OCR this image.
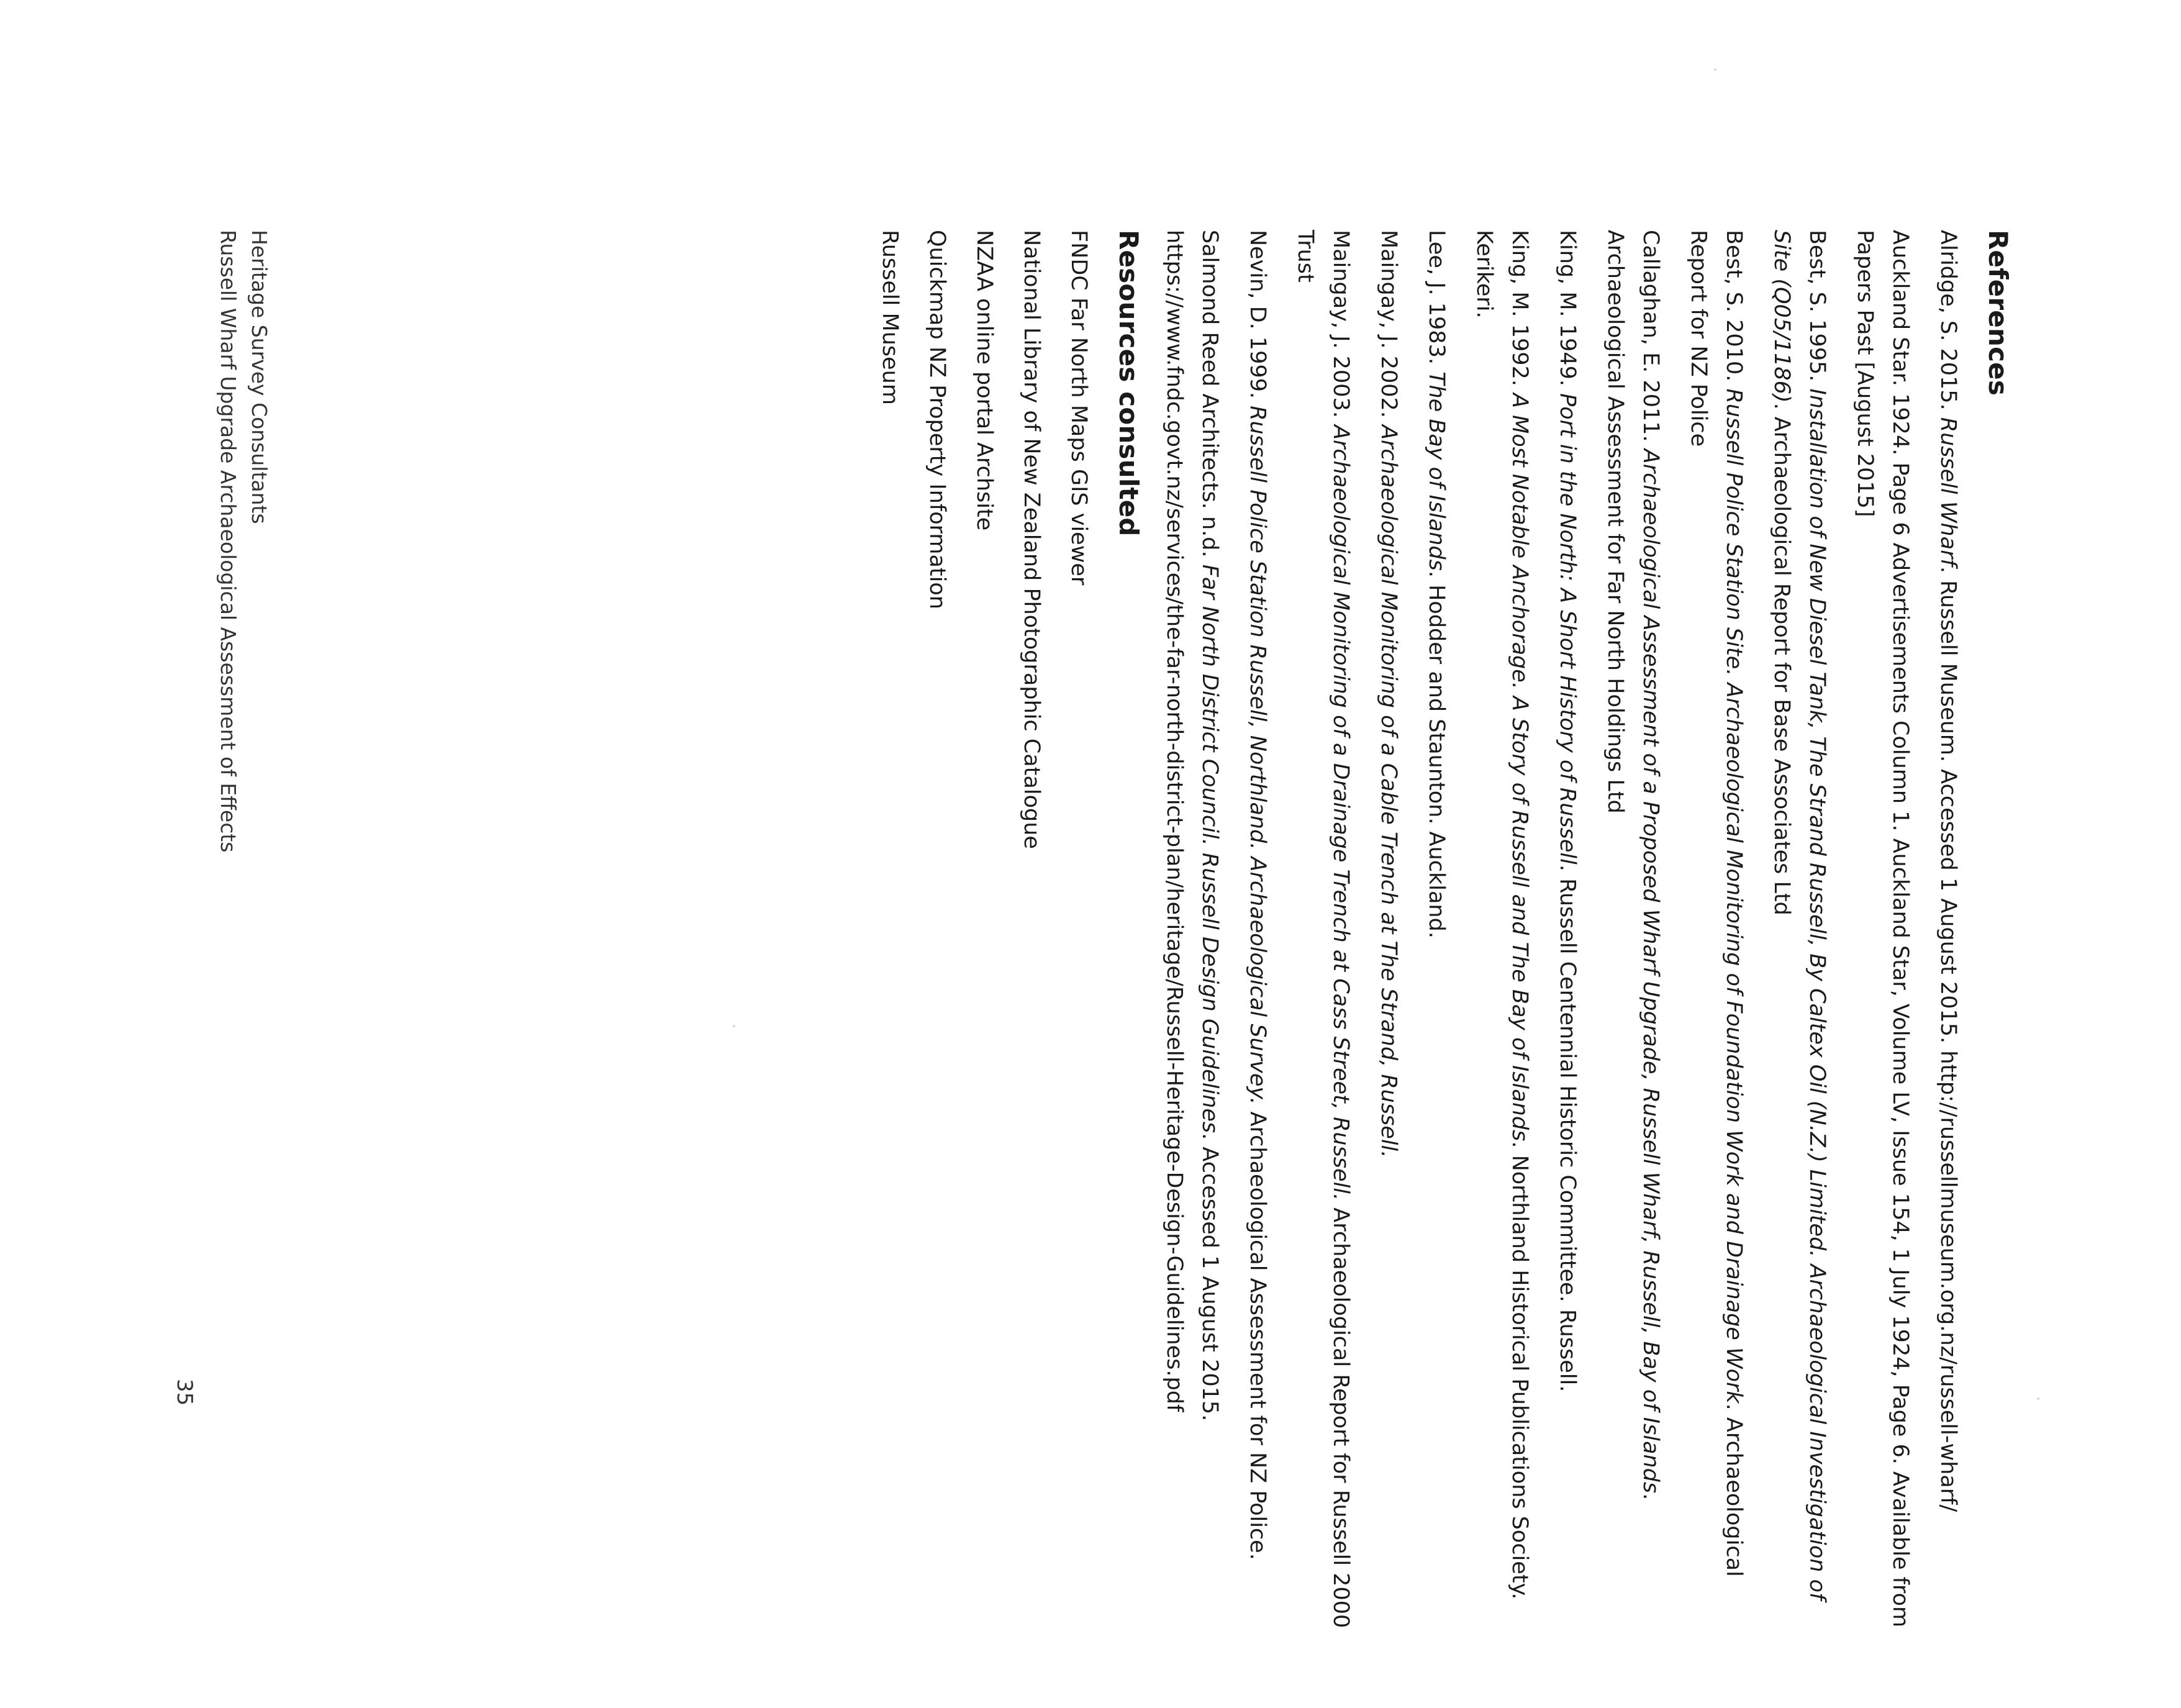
References

Alridge, S. 2015. Russell Wharf. Russell Museum. Accessed 1 August 2015. http://russellmuseum.org.nz/russell-wharf/

Auckland Star. 1924. Page 6 Advertisements Column 1. Auckland Star, Volume LV, Issue 154, 1 July 1924, Page 6. Available from Papers Past [August 2015]

Best, S. 1995. Installation of New Diesel Tank, The Strand Russell, By Caltex Oil (N.Z.) Limited. Archaeological Investigation of Site (Q05/1186). Archaeological Report for Base Associates Ltd

Best, S. 2010. Russell Police Station Site. Archaeological Monitoring of Foundation Work and Drainage Work. Archaeological Report for NZ Police

Callaghan, E. 2011. Archaeological Assessment of a Proposed Wharf Upgrade, Russell Wharf, Russell, Bay of Islands. Archaeological Assessment for Far North Holdings Ltd

King, M. 1949. Port in the North: A Short History of Russell. Russell Centennial Historic Committee. Russell.

King, M. 1992. A Most Notable Anchorage. A Story of Russell and The Bay of Islands. Northland Historical Publications Society. Kerikeri.

Lee, J. 1983. The Bay of Islands. Hodder and Staunton. Auckland.

Maingay, J. 2002. Archaeological Monitoring of a Cable Trench at The Strand, Russell.

Maingay, J. 2003. Archaeological Monitoring of a Drainage Trench at Cass Street, Russell. Archaeological Report for Russell 2000 Trust

Nevin, D. 1999. Russell Police Station Russell, Northland. Archaeological Survey. Archaeological Assessment for NZ Police.

Salmond Reed Architects. n.d. Far North District Council. Russell Design Guidelines. Accessed 1 August 2015. https://www.fndc.govt.nz/services/the-far-north-district-plan/heritage/Russell-Heritage-Design-Guidelines.pdf

Resources consulted

FNDC Far North Maps GIS viewer

National Library of New Zealand Photographic Catalogue

NZAA online portal Archsite

Quickmap NZ Property Information

Russell Museum

Heritage Survey Consultants
Russell Wharf Upgrade Archaeological Assessment of Effects
35
